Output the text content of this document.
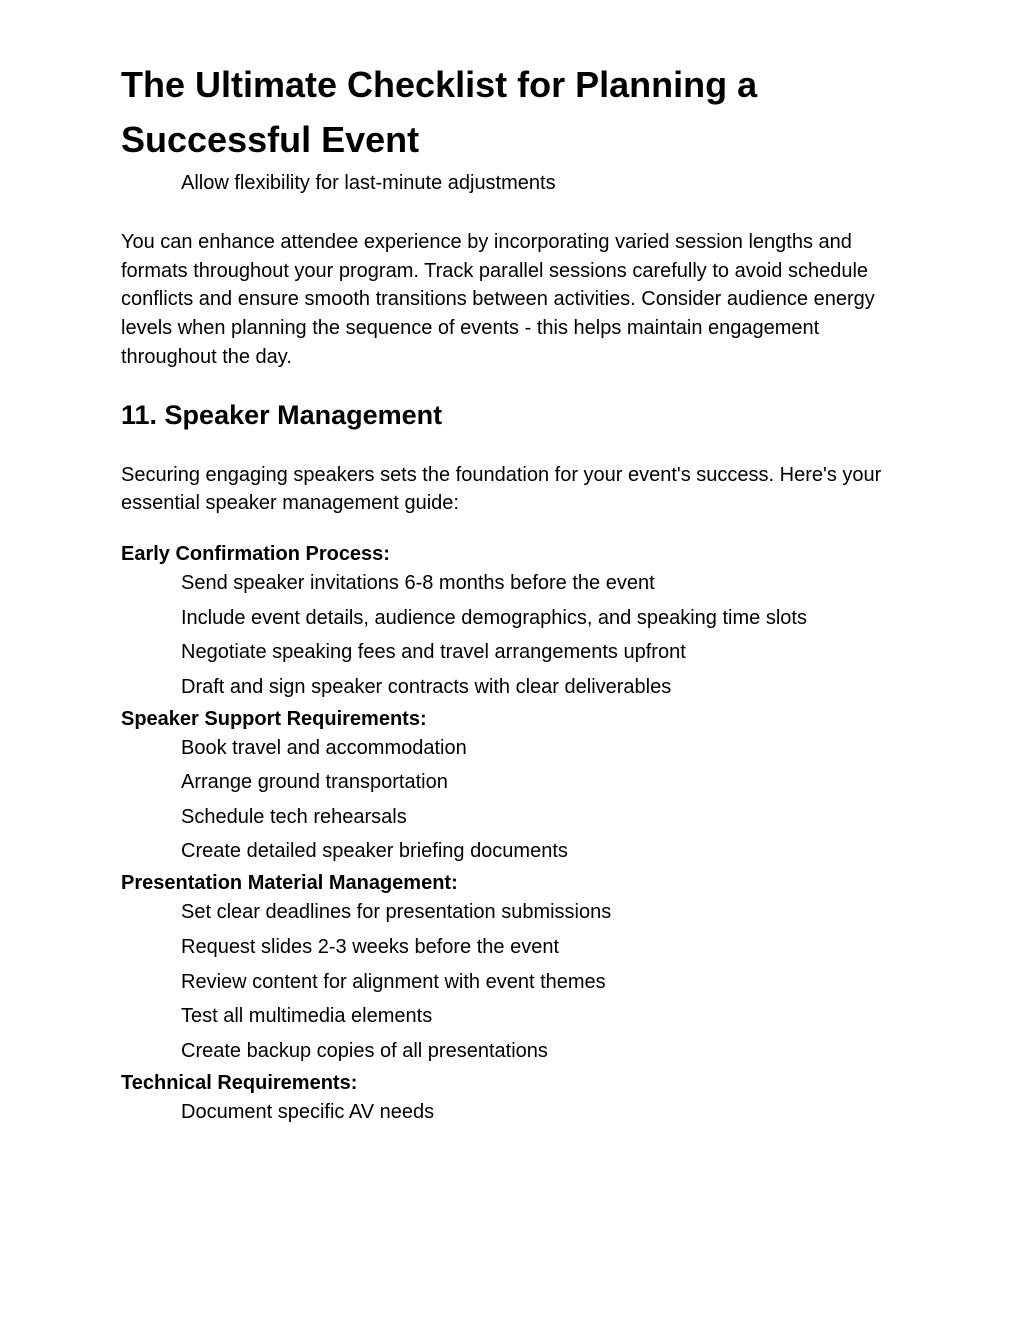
The Ultimate Checklist for Planning a
Successful Event
Allow flexibility for last-minute adjustments

You can enhance attendee experience by incorporating varied session lengths and formats throughout your program. Track parallel sessions carefully to avoid schedule conflicts and ensure smooth transitions between activities. Consider audience energy levels when planning the sequence of events - this helps maintain engagement throughout the day.

11. Speaker Management

Securing engaging speakers sets the foundation for your event's success. Here's your essential speaker management guide:

Early Confirmation Process:
Send speaker invitations 6-8 months before the event
Include event details, audience demographics, and speaking time slots
Negotiate speaking fees and travel arrangements upfront
Draft and sign speaker contracts with clear deliverables
Speaker Support Requirements:
Book travel and accommodation
Arrange ground transportation
Schedule tech rehearsals
Create detailed speaker briefing documents
Presentation Material Management:
Set clear deadlines for presentation submissions
Request slides 2-3 weeks before the event
Review content for alignment with event themes
Test all multimedia elements
Create backup copies of all presentations
Technical Requirements:
Document specific AV needs
